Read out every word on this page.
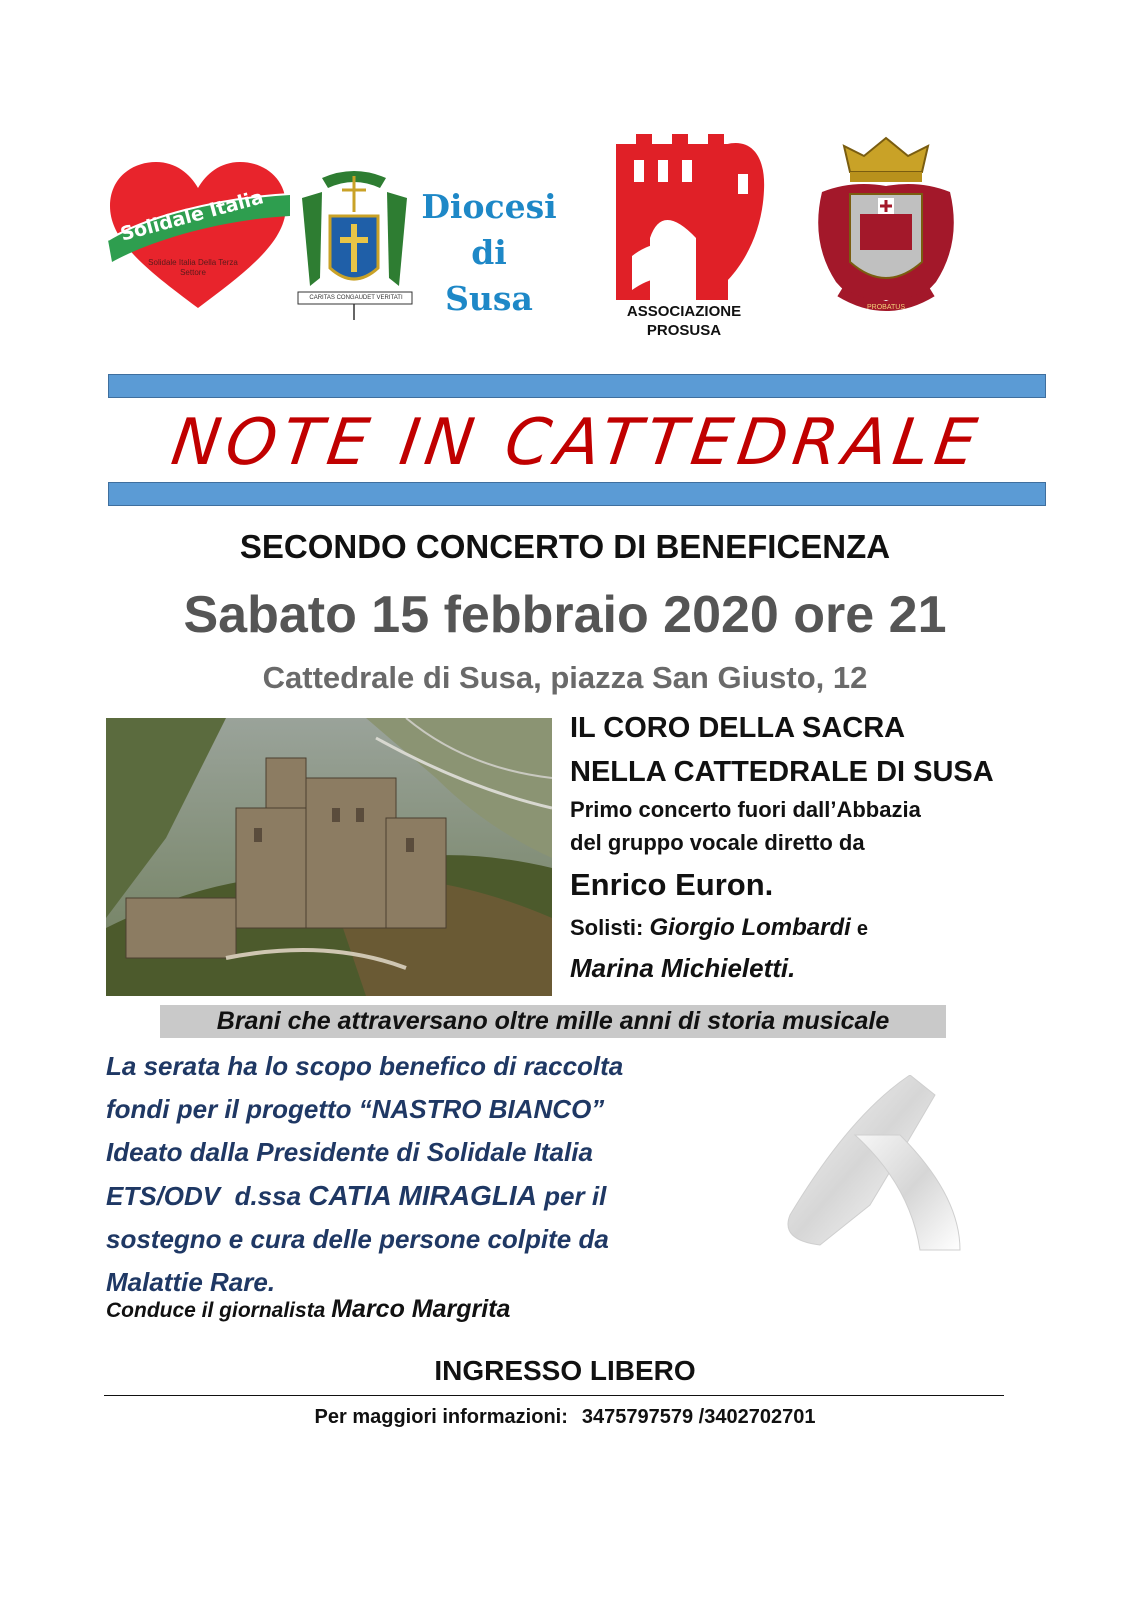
Solidale Italia
Solidale Italia Della Terza Settore
CARITAS CONGAUDET VERITATI
Diocesi
di
Susa	ASSOCIAZIONE
PROSUSA
PROBATUS
NOTE IN CATTEDRALE
SECONDO CONCERTO DI BENEFICENZA
Sabato 15 febbraio 2020 ore 21
Cattedrale di Susa, piazza San Giusto, 12
IL CORO DELLA SACRA
NELLA CATTEDRALE DI SUSA
Primo concerto fuori dall’Abbazia
del gruppo vocale diretto da
Enrico Euron.
Solisti: Giorgio Lombardi e
Marina Michieletti.
Brani che attraversano oltre mille anni di storia musicale
La serata ha lo scopo benefico di raccolta
fondi per il progetto “NASTRO BIANCO”
Ideato dalla Presidente di Solidale Italia
ETS/ODV  d.ssa CATIA MIRAGLIA per il
sostegno e cura delle persone colpite da
Malattie Rare.
Conduce il giornalista Marco Margrita
INGRESSO LIBERO
Per maggiori informazioni: 3475797579 /3402702701
